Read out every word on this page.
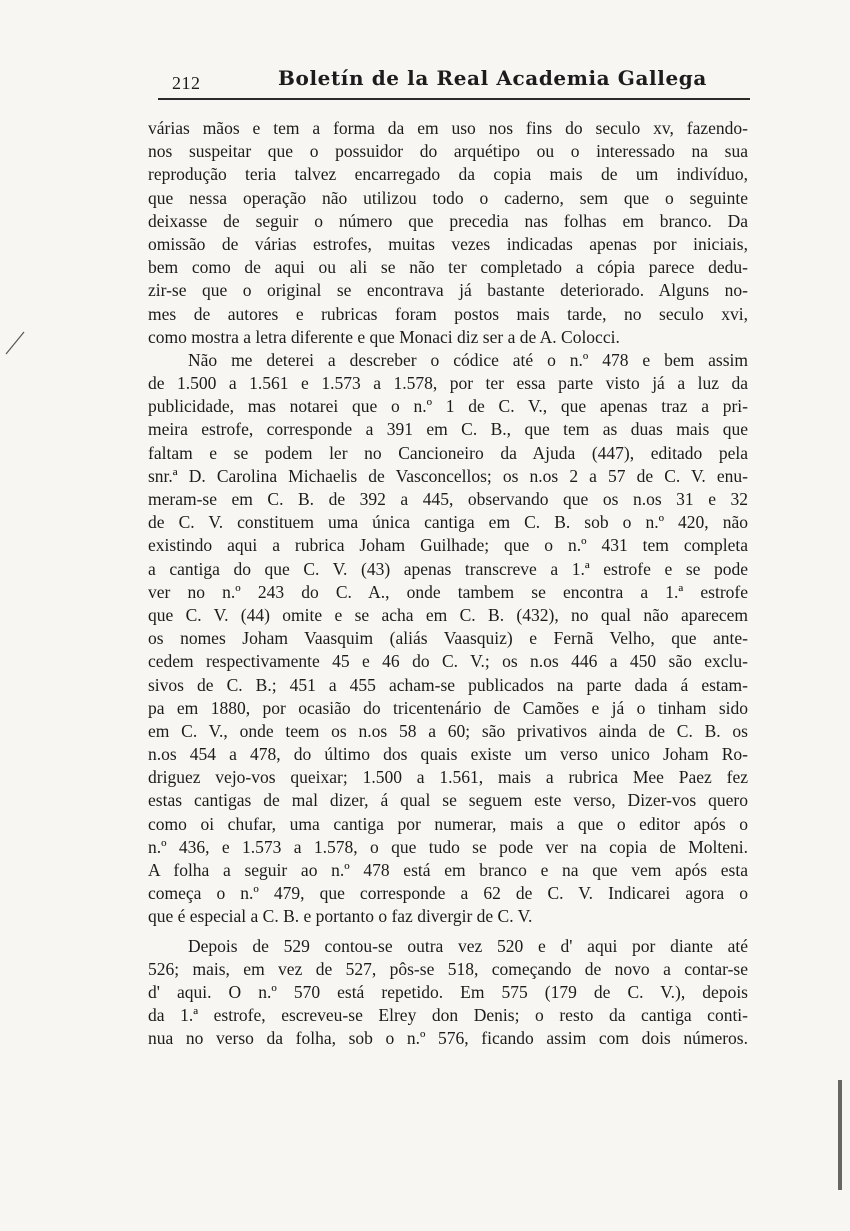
212	Boletín de la Real Academia Gallega
várias mãos e tem a forma da em uso nos fins do seculo xv, fazendo-
nos suspeitar que o possuidor do arquétipo ou o interessado na sua
reprodução teria talvez encarregado da copia mais de um indivíduo,
que nessa operação não utilizou todo o caderno, sem que o seguinte
deixasse de seguir o número que precedia nas folhas em branco. Da
omissão de várias estrofes, muitas vezes indicadas apenas por iniciais,
bem como de aqui ou ali se não ter completado a cópia parece dedu-
zir-se que o original se encontrava já bastante deteriorado. Alguns no-
mes de autores e rubricas foram postos mais tarde, no seculo xvi,
como mostra a letra diferente e que Monaci diz ser a de A. Colocci.
Não me deterei a descreber o códice até o n.º 478 e bem assim
de 1.500 a 1.561 e 1.573 a 1.578, por ter essa parte visto já a luz da
publicidade, mas notarei que o n.º 1 de C. V., que apenas traz a pri-
meira estrofe, corresponde a 391 em C. B., que tem as duas mais que
faltam e se podem ler no Cancioneiro da Ajuda (447), editado pela
snr.ª D. Carolina Michaelis de Vasconcellos; os n.os 2 a 57 de C. V. enu-
meram-se em C. B. de 392 a 445, observando que os n.os 31 e 32
de C. V. constituem uma única cantiga em C. B. sob o n.º 420, não
existindo aqui a rubrica Joham Guilhade; que o n.º 431 tem completa
a cantiga do que C. V. (43) apenas transcreve a 1.ª estrofe e se pode
ver no n.º 243 do C. A., onde tambem se encontra a 1.ª estrofe
que C. V. (44) omite e se acha em C. B. (432), no qual não aparecem
os nomes Joham Vaasquim (aliás Vaasquiz) e Fernã Velho, que ante-
cedem respectivamente 45 e 46 do C. V.; os n.os 446 a 450 são exclu-
sivos de C. B.; 451 a 455 acham-se publicados na parte dada á estam-
pa em 1880, por ocasião do tricentenário de Camões e já o tinham sido
em C. V., onde teem os n.os 58 a 60; são privativos ainda de C. B. os
n.os 454 a 478, do último dos quais existe um verso unico Joham Ro-
driguez vejo-vos queixar; 1.500 a 1.561, mais a rubrica Mee Paez fez
estas cantigas de mal dizer, á qual se seguem este verso, Dizer-vos quero
como oi chufar, uma cantiga por numerar, mais a que o editor após o
n.º 436, e 1.573 a 1.578, o que tudo se pode ver na copia de Molteni.
A folha a seguir ao n.º 478 está em branco e na que vem após esta
começa o n.º 479, que corresponde a 62 de C. V. Indicarei agora o
que é especial a C. B. e portanto o faz divergir de C. V.
Depois de 529 contou-se outra vez 520 e d' aqui por diante até
526; mais, em vez de 527, pôs-se 518, começando de novo a contar-se
d' aqui. O n.º 570 está repetido. Em 575 (179 de C. V.), depois
da 1.ª estrofe, escreveu-se Elrey don Denis; o resto da cantiga conti-
nua no verso da folha, sob o n.º 576, ficando assim com dois números.
